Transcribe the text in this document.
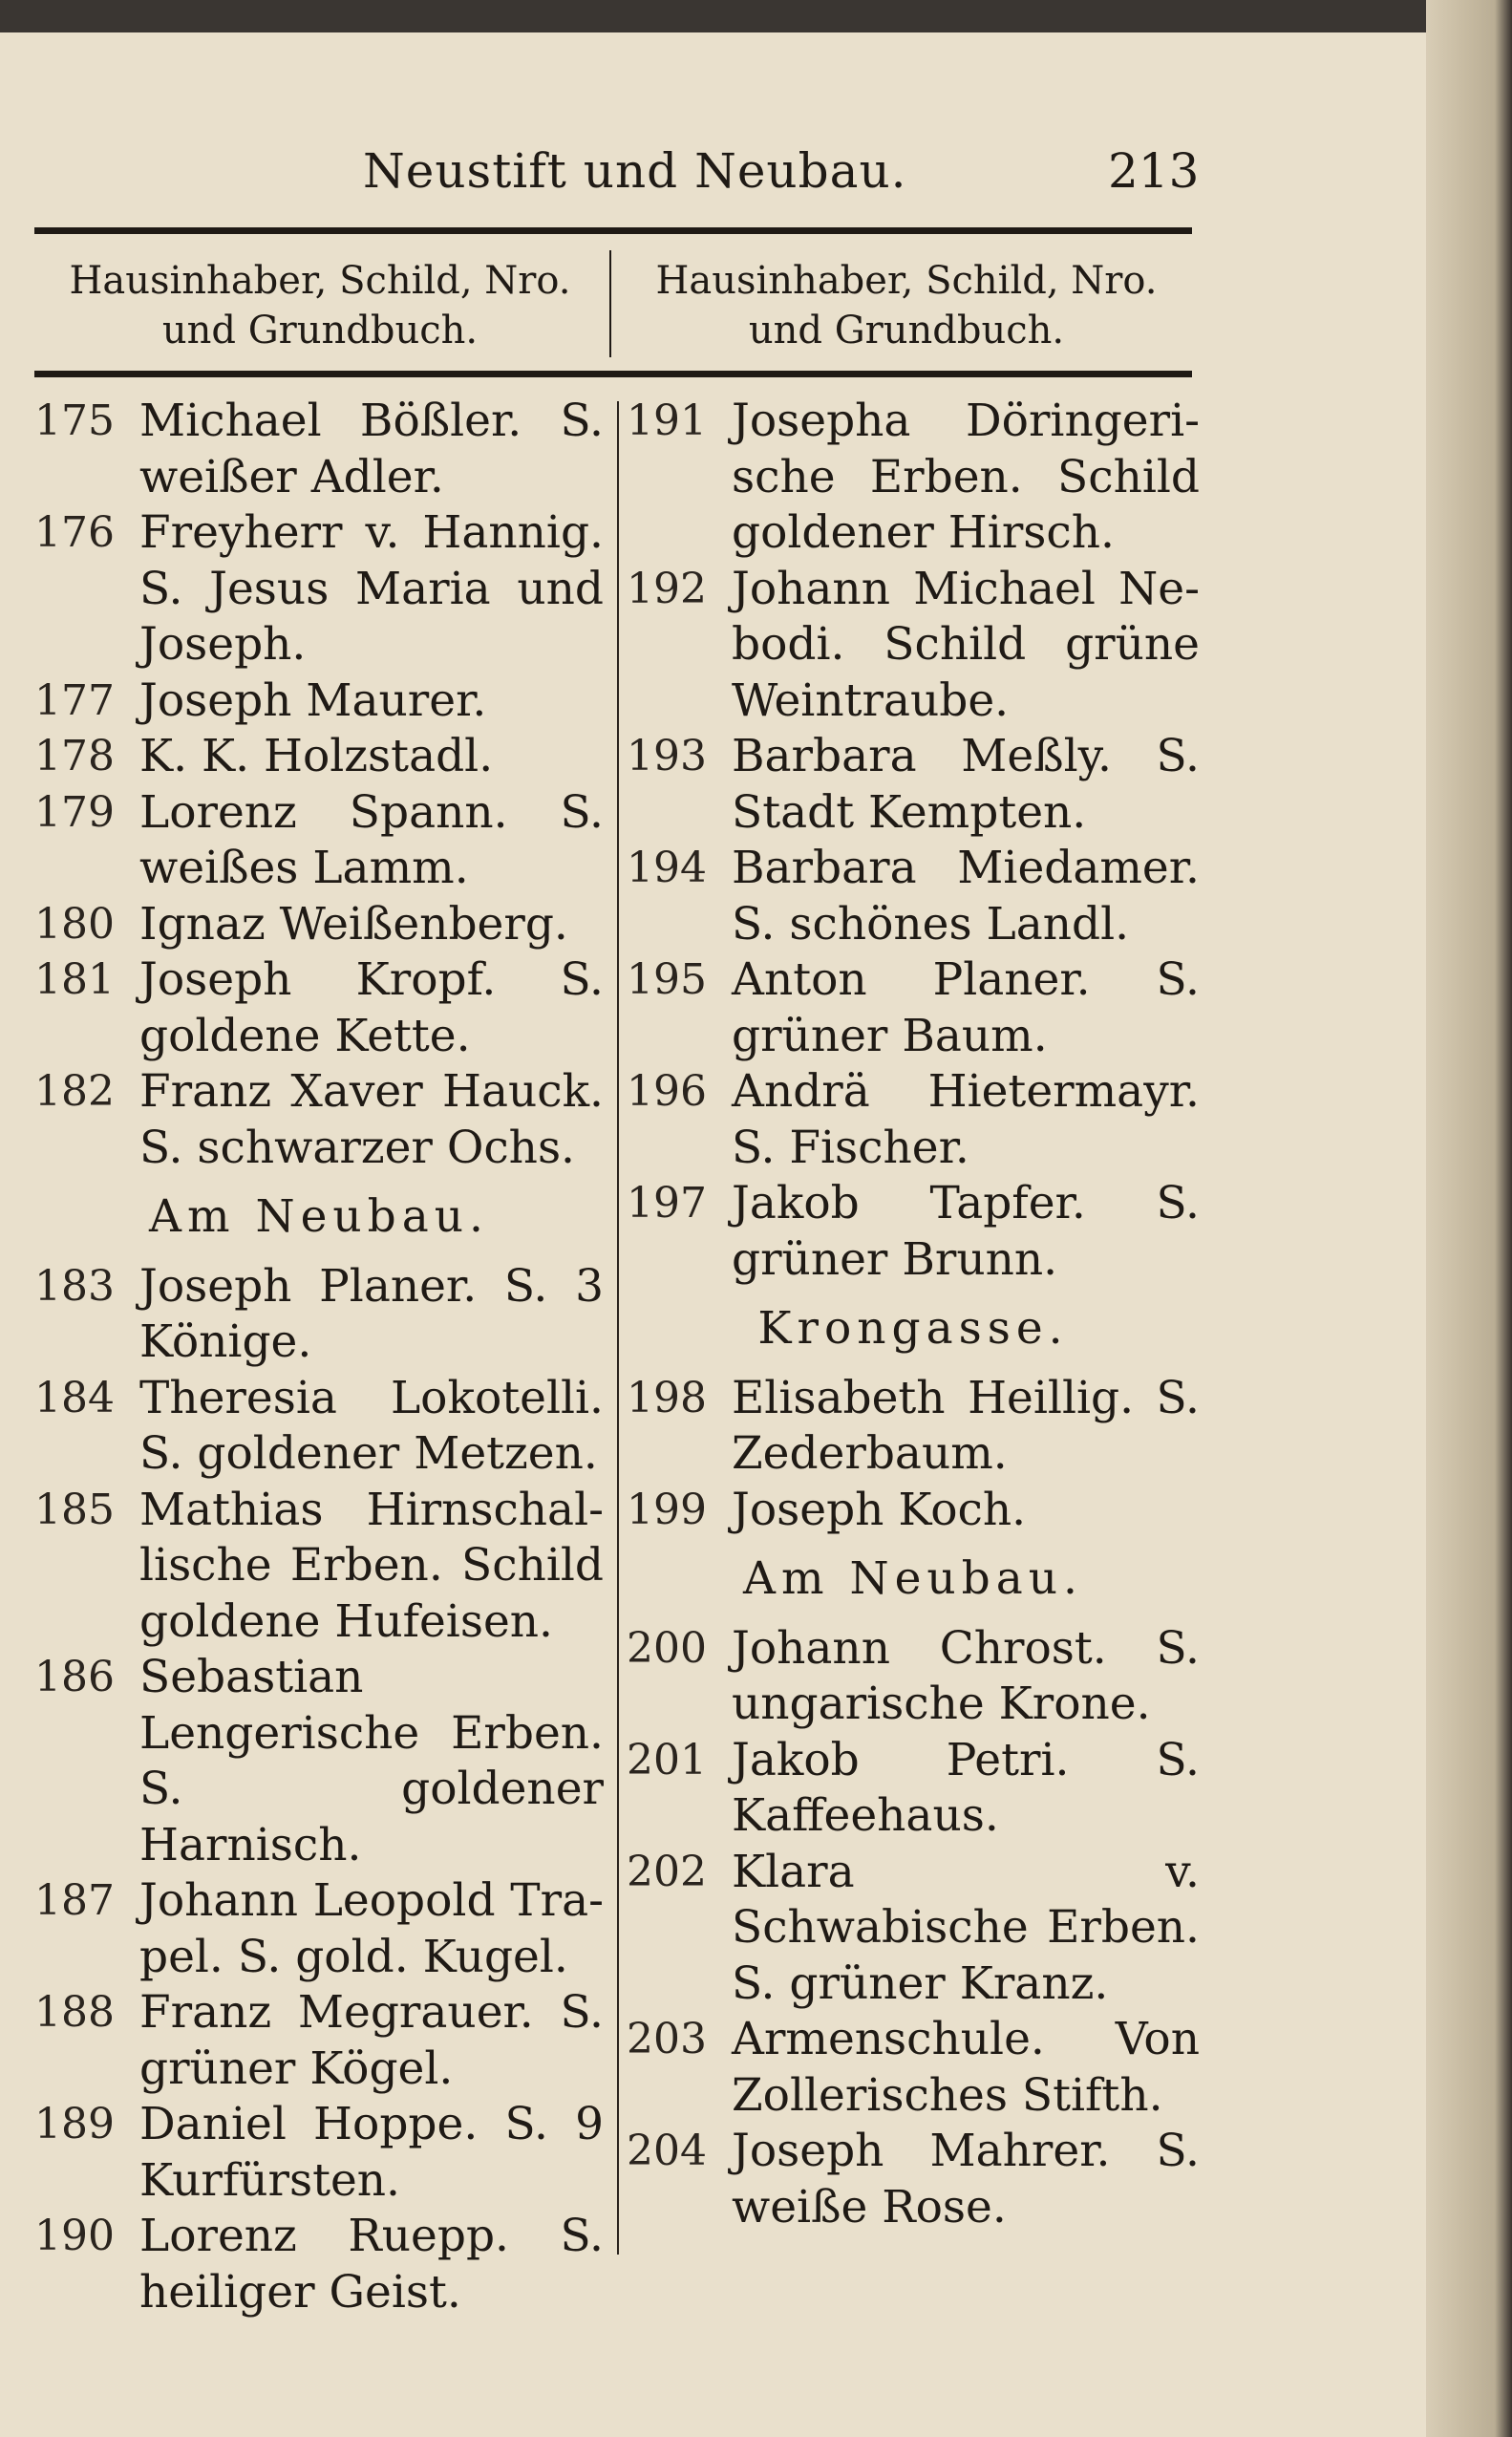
Neustift und Neubau.	213
Hausinhaber, Schild, Nro. und Grundbuch.
Hausinhaber, Schild, Nro. und Grundbuch.
175 Michael Bößler. S. weißer Adler.
176 Freyherr v. Hannig. S. Jesus Maria und Joseph.
177 Joseph Maurer.
178 K. K. Holzstadl.
179 Lorenz Spann. S. weißes Lamm.
180 Ignaz Weißenberg.
181 Joseph Kropf. S. goldene Kette.
182 Franz Xaver Hauck. S. schwarzer Ochs.
Am Neubau.
183 Joseph Planer. S. 3 Könige.
184 Theresia Lokotelli. S. goldener Metzen.
185 Mathias Hirnschal-lische Erben. Schild goldene Hufeisen.
186 Sebastian Lengerische Erben. S. goldener Harnisch.
187 Johann Leopold Tra-pel. S. gold. Kugel.
188 Franz Megrauer. S. grüner Kögel.
189 Daniel Hoppe. S. 9 Kurfürsten.
190 Lorenz Ruepp. S. heiliger Geist.
191 Josepha Döringeri-sche Erben. Schild goldener Hirsch.
192 Johann Michael Ne-bodi. Schild grüne Weintraube.
193 Barbara Meßly. S. Stadt Kempten.
194 Barbara Miedamer. S. schönes Landl.
195 Anton Planer. S. grüner Baum.
196 Andrä Hietermayr. S. Fischer.
197 Jakob Tapfer. S. grüner Brunn.
Krongasse.
198 Elisabeth Heillig. S. Zederbaum.
199 Joseph Koch.
Am Neubau.
200 Johann Chrost. S. ungarische Krone.
201 Jakob Petri. S. Kaffeehaus.
202 Klara v. Schwabische Erben. S. grüner Kranz.
203 Armenschule. Von Zollerisches Stifth.
204 Joseph Mahrer. S. weiße Rose.
